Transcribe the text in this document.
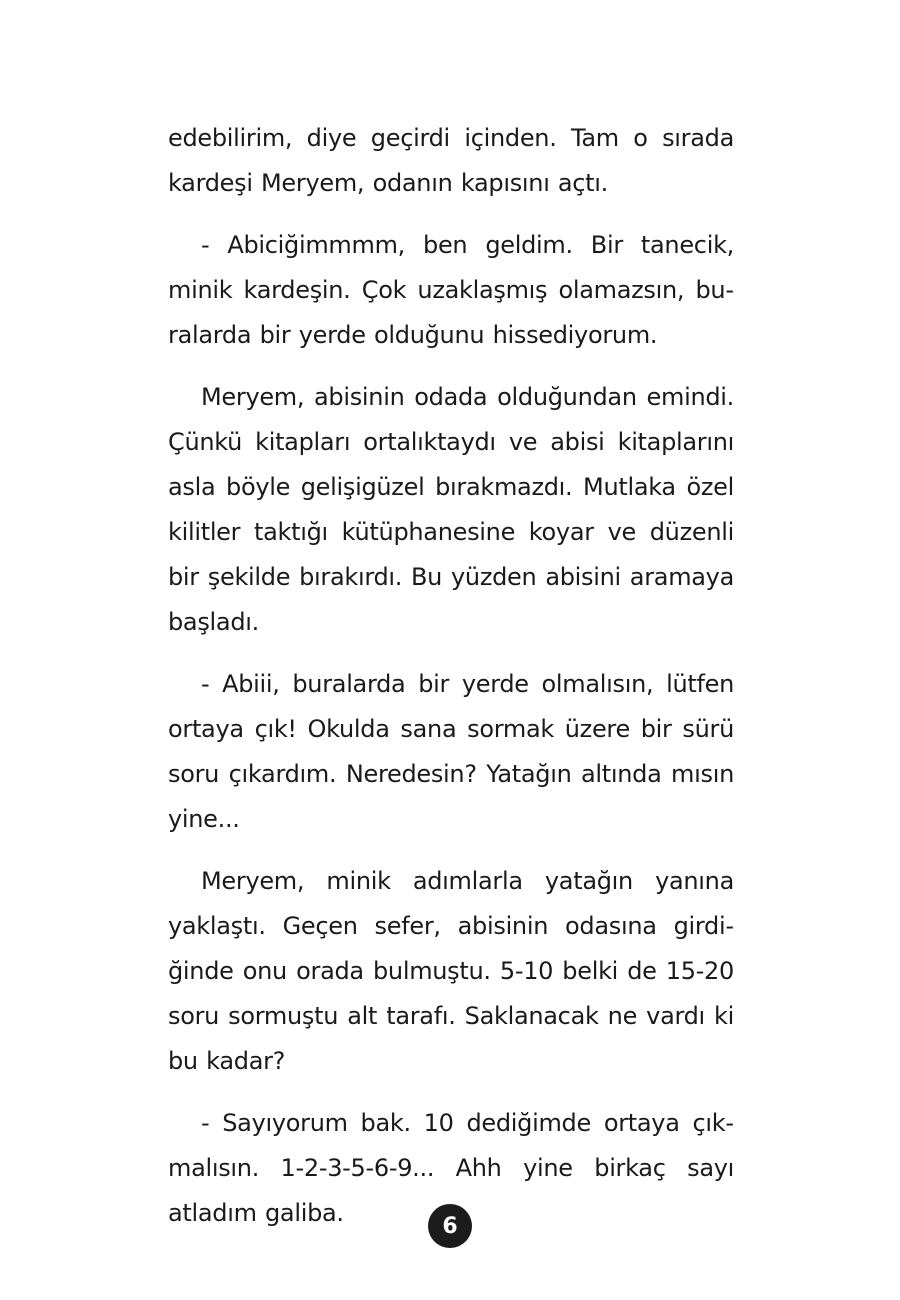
edebilirim, diye geçirdi içinden. Tam o sırada kardeşi Meryem, odanın kapısını açtı.

- Abiciğimmmm, ben geldim. Bir tanecik, minik kardeşin. Çok uzaklaşmış olamazsın, buralarda bir yerde olduğunu hissediyorum.

Meryem, abisinin odada olduğundan emindi. Çünkü kitapları ortalıktaydı ve abisi kitaplarını asla böyle gelişigüzel bırakmazdı. Mutlaka özel kilitler taktığı kütüphanesine koyar ve düzenli bir şekilde bırakırdı. Bu yüzden abisini aramaya başladı.

- Abiii, buralarda bir yerde olmalısın, lütfen ortaya çık! Okulda sana sormak üzere bir sürü soru çıkardım. Neredesin? Yatağın altında mısın yine...

Meryem, minik adımlarla yatağın yanına yaklaştı. Geçen sefer, abisinin odasına girdiğinde onu orada bulmuştu. 5-10 belki de 15-20 soru sormuştu alt tarafı. Saklanacak ne vardı ki bu kadar?

- Sayıyorum bak. 10 dediğimde ortaya çıkmalısın. 1-2-3-5-6-9... Ahh yine birkaç sayı atladım galiba.	6
